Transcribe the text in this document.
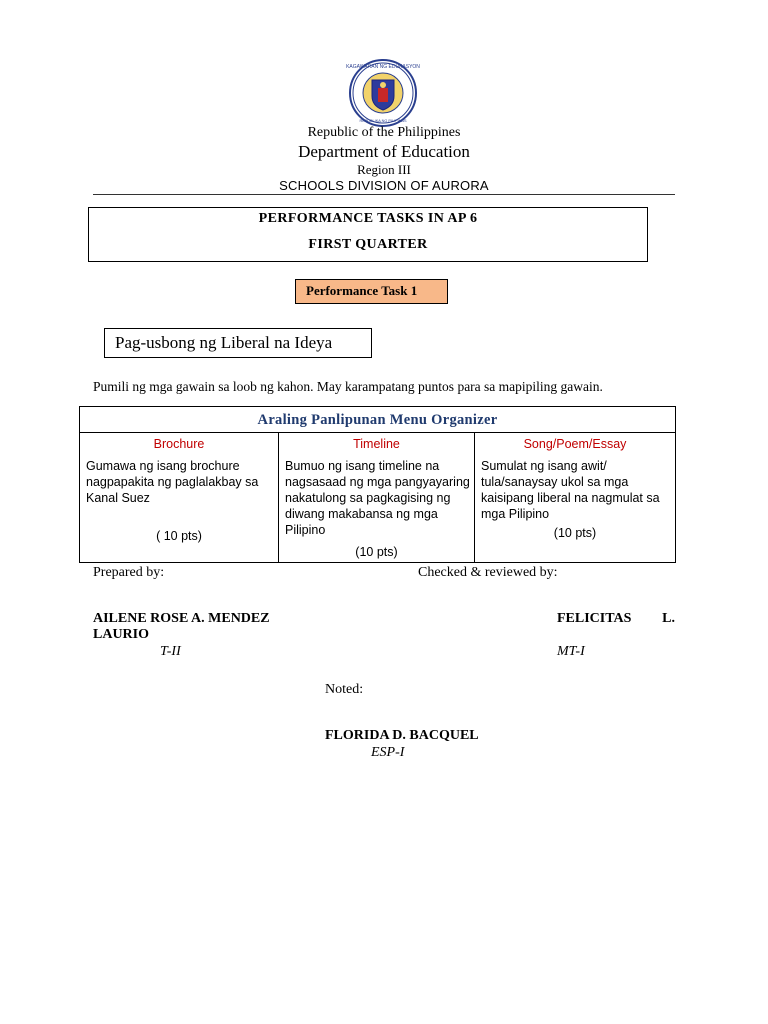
KAGAWARAN NG EDUKASYON
REPUBLIKA NG PILIPINAS
Republic of the Philippines
Department of Education
Region III
SCHOOLS DIVISION OF AURORA
PERFORMANCE TASKS IN AP 6
FIRST QUARTER
Performance Task 1
Pag-usbong ng Liberal na Ideya
Pumili ng mga gawain sa loob ng kahon. May karampatang puntos para sa mapipiling gawain.
Araling Panlipunan Menu Organizer
Brochure
Gumawa ng isang brochure nagpapakita ng paglalakbay sa Kanal Suez
( 10 pts)
Timeline
Bumuo ng isang timeline na nagsasaad ng mga pangyayaring nakatulong sa pagkagising ng diwang makabansa ng mga Pilipino
(10 pts)
Song/Poem/Essay
Sumulat ng isang awit/ tula/sanaysay ukol sa mga kaisipang liberal na nagmulat sa mga Pilipino
(10 pts)
Prepared by:	Checked & reviewed by:
AILENE ROSE A. MENDEZ
LAURIO
T-II
FELICITAS L.
MT-I
Noted:
FLORIDA D. BACQUEL
ESP-I
